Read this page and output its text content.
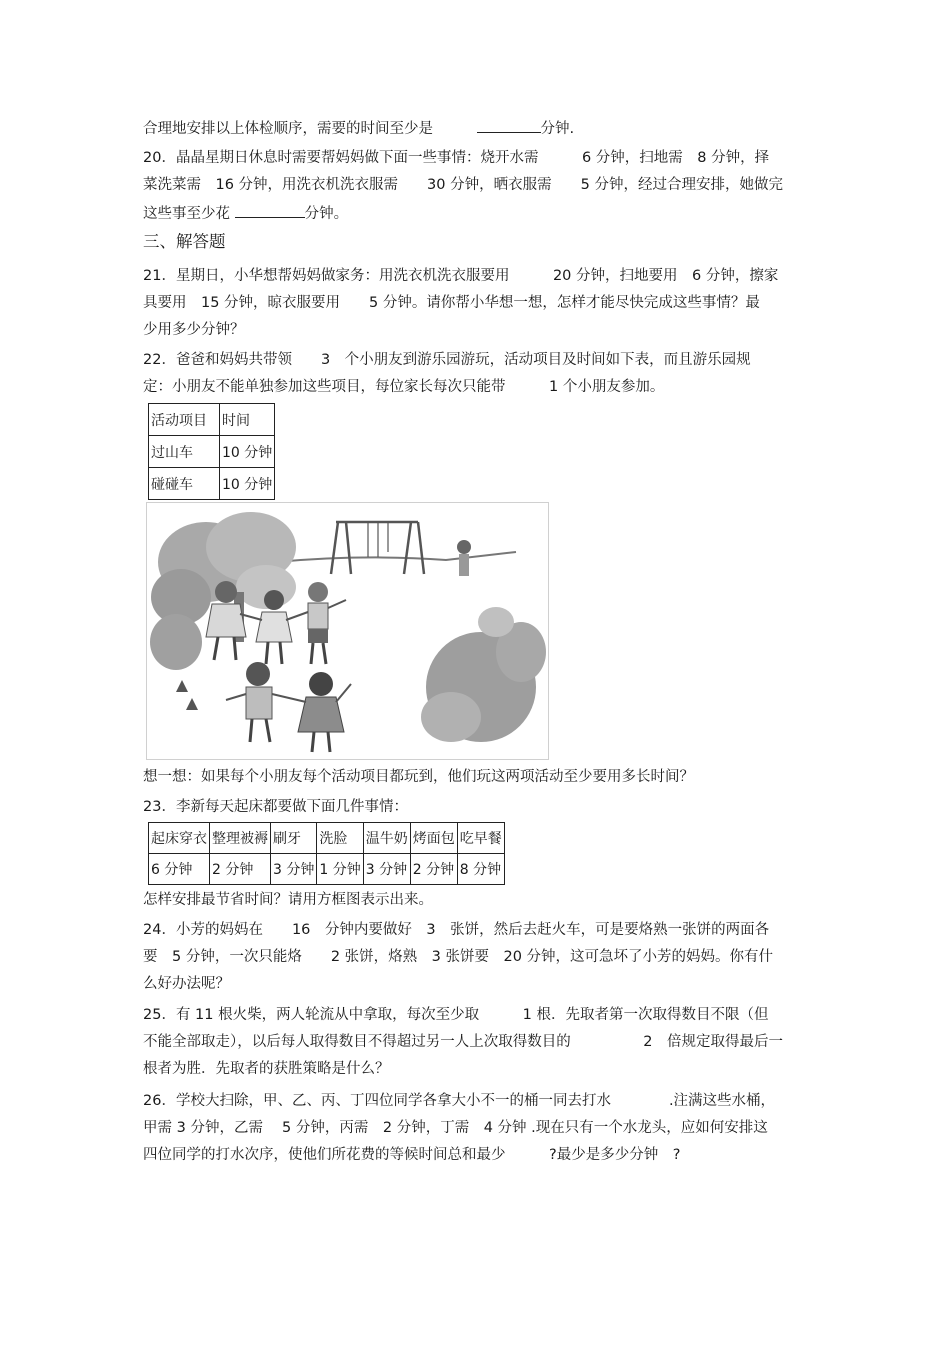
合理地安排以上体检顺序，需要的时间至少是　　　	分钟.
20．晶晶星期日休息时需要帮妈妈做下面一些事情：烧开水需　　　6 分钟，扫地需　8 分钟，择
菜洗菜需　16 分钟，用洗衣机洗衣服需　　30 分钟，晒衣服需　　5 分钟，经过合理安排，她做完
这些事至少花	分钟。
三、解答题
21．星期日，小华想帮妈妈做家务：用洗衣机洗衣服要用　　　20 分钟，扫地要用　6 分钟，擦家
具要用　15 分钟，晾衣服要用　　5 分钟。请你帮小华想一想，怎样才能尽快完成这些事情？最
少用多少分钟？
22．爸爸和妈妈共带领　　3　个小朋友到游乐园游玩，活动项目及时间如下表，而且游乐园规
定：小朋友不能单独参加这些项目，每位家长每次只能带　　　1 个小朋友参加。
活动项目	时间
过山车	10 分钟
碰碰车	10 分钟
想一想：如果每个小朋友每个活动项目都玩到，他们玩这两项活动至少要用多长时间？
23．李新每天起床都要做下面几件事情：
起床穿衣	整理被褥	刷牙	洗脸	温牛奶	烤面包	吃早餐
6 分钟	2 分钟	3 分钟	1 分钟	3 分钟	2 分钟	8 分钟
怎样安排最节省时间？请用方框图表示出来。
24．小芳的妈妈在　　16　分钟内要做好　3　张饼，然后去赶火车，可是要烙熟一张饼的两面各
要　5 分钟，一次只能烙　　2 张饼，烙熟　3 张饼要　20 分钟，这可急坏了小芳的妈妈。你有什
么好办法呢？
25．有 11 根火柴，两人轮流从中拿取，每次至少取　　　1 根．先取者第一次取得数目不限（但
不能全部取走），以后每人取得数目不得超过另一人上次取得数目的　　　　　2　倍规定取得最后一
根者为胜．先取者的获胜策略是什么？
26．学校大扫除，甲、乙、丙、丁四位同学各拿大小不一的桶一同去打水　　　　.注满这些水桶，
甲需 3 分钟，乙需　 5 分钟，丙需　2 分钟，丁需　4 分钟 .现在只有一个水龙头，应如何安排这
四位同学的打水次序，使他们所花费的等候时间总和最少　　　?最少是多少分钟　?
